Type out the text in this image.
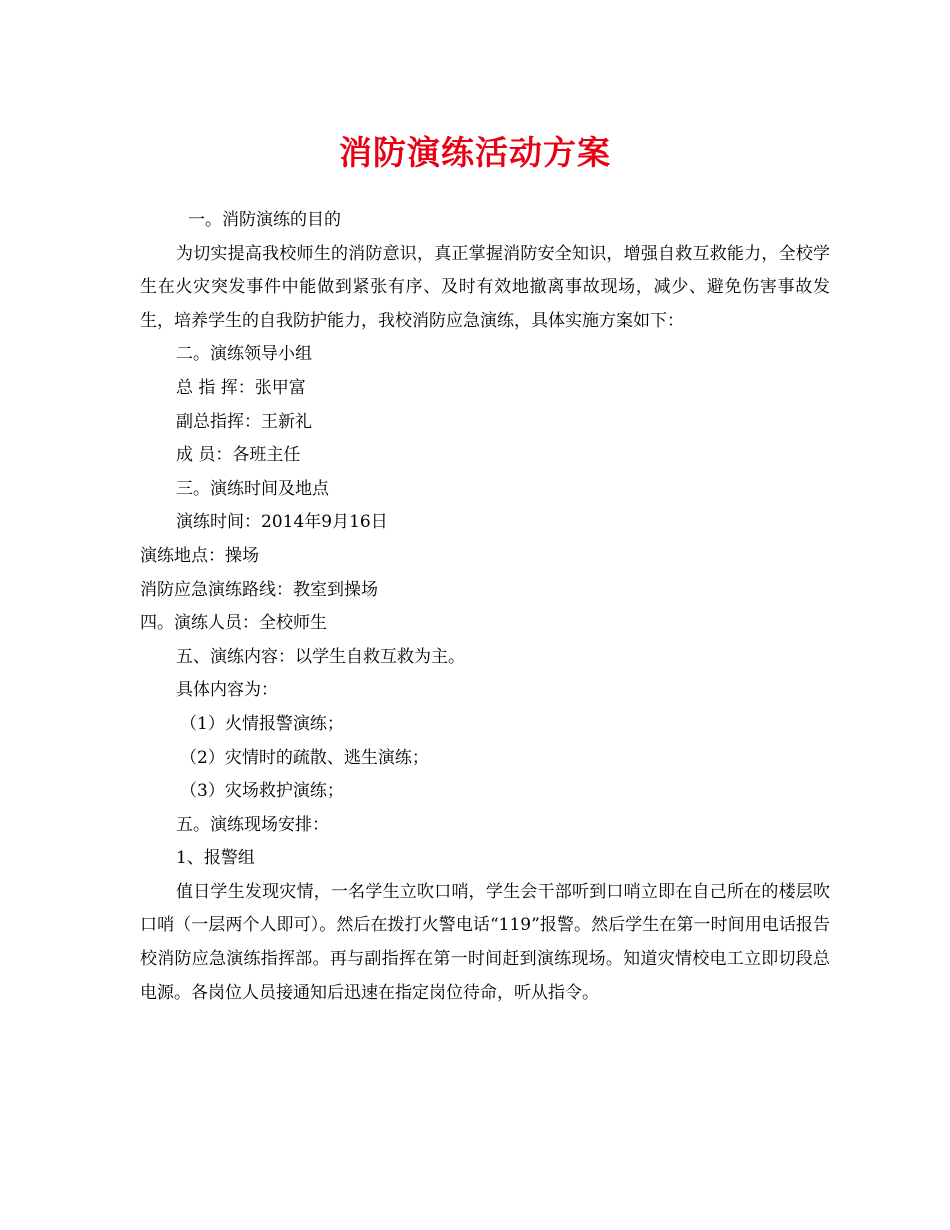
消防演练活动方案

一。消防演练的目的

为切实提高我校师生的消防意识，真正掌握消防安全知识，增强自救互救能力，全校学生在火灾突发事件中能做到紧张有序、及时有效地撤离事故现场，减少、避免伤害事故发生，培养学生的自我防护能力，我校消防应急演练，具体实施方案如下：

二。演练领导小组

总 指 挥：张甲富

副总指挥：王新礼

成 员：各班主任

三。演练时间及地点

演练时间：2014年9月16日

演练地点：操场

消防应急演练路线：教室到操场

四。演练人员：全校师生

五、演练内容：以学生自救互救为主。

具体内容为：

（1）火情报警演练；

（2）灾情时的疏散、逃生演练；

（3）灾场救护演练；

五。演练现场安排：

1、报警组

值日学生发现灾情，一名学生立吹口哨，学生会干部听到口哨立即在自己所在的楼层吹口哨（一层两个人即可）。然后在拨打火警电话“119”报警。然后学生在第一时间用电话报告校消防应急演练指挥部。再与副指挥在第一时间赶到演练现场。知道灾情校电工立即切段总电源。各岗位人员接通知后迅速在指定岗位待命，听从指令。
